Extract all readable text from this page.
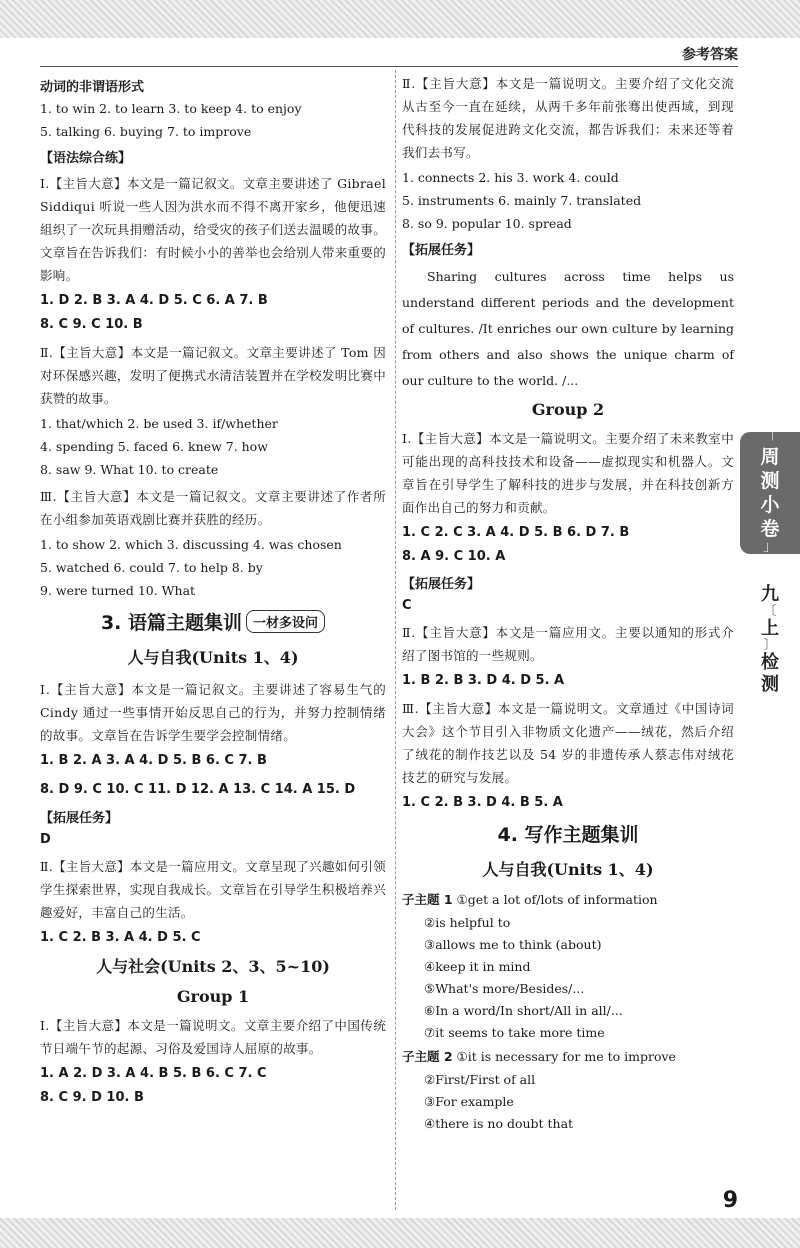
参考答案
「
周
测
小
卷
」
九
〔
上
〕
检
测
动词的非谓语形式
1. to win 2. to learn 3. to keep 4. to enjoy
5. talking 6. buying 7. to improve
【语法综合练】
Ⅰ.【主旨大意】本文是一篇记叙文。文章主要讲述了 Gibrael Siddiqui 听说一些人因为洪水而不得不离开家乡，他便迅速組织了一次玩具捐赠活动，给受灾的孩子们送去温暖的故事。文章旨在告诉我们：有时候小小的善举也会给别人带来重要的影响。
1. D 2. B 3. A 4. D 5. C 6. A 7. B
8. C 9. C 10. B
Ⅱ.【主旨大意】本文是一篇记叙文。文章主要讲述了 Tom 因对环保感兴趣，发明了便携式水清洁装置并在学校发明比赛中获赞的故事。
1. that/which 2. be used 3. if/whether
4. spending 5. faced 6. knew 7. how
8. saw 9. What 10. to create
Ⅲ.【主旨大意】本文是一篇记叙文。文章主要讲述了作者所在小组参加英语戏剧比赛并获胜的经历。
1. to show 2. which 3. discussing 4. was chosen
5. watched 6. could 7. to help 8. by
9. were turned 10. What
3. 语篇主题集训 一材多设问
人与自我(Units 1、4)
Ⅰ.【主旨大意】本文是一篇记叙文。主要讲述了容易生气的 Cindy 通过一些事情开始反思自己的行为，并努力控制情绪的故事。文章旨在告诉学生要学会控制情绪。
1. B 2. A 3. A 4. D 5. B 6. C 7. B
8. D 9. C 10. C 11. D 12. A 13. C 14. A 15. D
【拓展任务】
D
Ⅱ.【主旨大意】本文是一篇应用文。文章呈现了兴趣如何引领学生探索世界，实现自我成长。文章旨在引导学生积极培养兴趣爱好，丰富自己的生活。
1. C 2. B 3. A 4. D 5. C
人与社会(Units 2、3、5~10)
Group 1
Ⅰ.【主旨大意】本文是一篇说明文。文章主要介绍了中国传统节日端午节的起源、习俗及爱国诗人屈原的故事。
1. A 2. D 3. A 4. B 5. B 6. C 7. C
8. C 9. D 10. B
Ⅱ.【主旨大意】本文是一篇说明文。主要介绍了文化交流从古至今一直在延续，从两千多年前张骞出使西域，到现代科技的发展促进跨文化交流，都告诉我们：未来还等着我们去书写。
1. connects 2. his 3. work 4. could
5. instruments 6. mainly 7. translated
8. so 9. popular 10. spread
【拓展任务】
Sharing cultures across time helps us understand different periods and the development of cultures. /It enriches our own culture by learning from others and also shows the unique charm of our culture to the world. /...
Group 2
Ⅰ.【主旨大意】本文是一篇说明文。主要介绍了未来教室中可能出现的高科技技术和设备——虚拟现实和机器人。文章旨在引导学生了解科技的进步与发展，并在科技创新方面作出自己的努力和贡献。
1. C 2. C 3. A 4. D 5. B 6. D 7. B
8. A 9. C 10. A
【拓展任务】
C
Ⅱ.【主旨大意】本文是一篇应用文。主要以通知的形式介绍了图书馆的一些规则。
1. B 2. B 3. D 4. D 5. A
Ⅲ.【主旨大意】本文是一篇说明文。文章通过《中国诗词大会》这个节目引入非物质文化遗产——绒花，然后介绍了绒花的制作技艺以及 54 岁的非遗传承人蔡志伟对绒花技艺的研究与发展。
1. C 2. B 3. D 4. B 5. A
4. 写作主题集训
人与自我(Units 1、4)
子主题 1 ①get a lot of/lots of information
②is helpful to
③allows me to think (about)
④keep it in mind
⑤What's more/Besides/...
⑥In a word/In short/All in all/...
⑦it seems to take more time
子主题 2 ①it is necessary for me to improve
②First/First of all
③For example
④there is no doubt that
9
